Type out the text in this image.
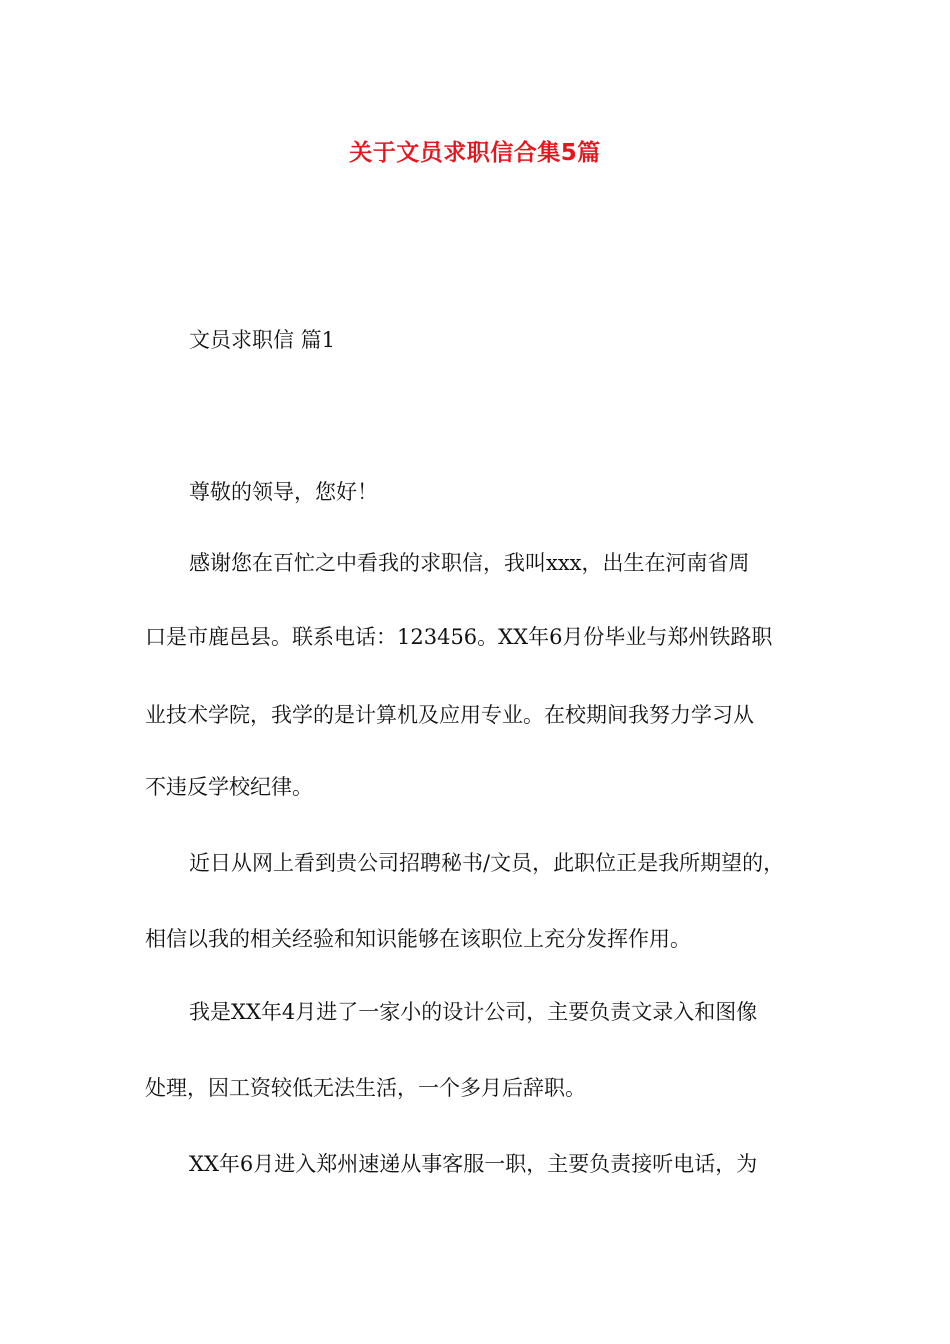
关于文员求职信合集5篇
文员求职信 篇1
尊敬的领导，您好！
感谢您在百忙之中看我的求职信，我叫xxx，出生在河南省周
口是市鹿邑县。联系电话：123456。XX年6月份毕业与郑州铁路职
业技术学院，我学的是计算机及应用专业。在校期间我努力学习从
不违反学校纪律。
近日从网上看到贵公司招聘秘书/文员，此职位正是我所期望的，
相信以我的相关经验和知识能够在该职位上充分发挥作用。
我是XX年4月进了一家小的设计公司，主要负责文录入和图像
处理，因工资较低无法生活，一个多月后辞职。
XX年6月进入郑州速递从事客服一职，主要负责接听电话，为
